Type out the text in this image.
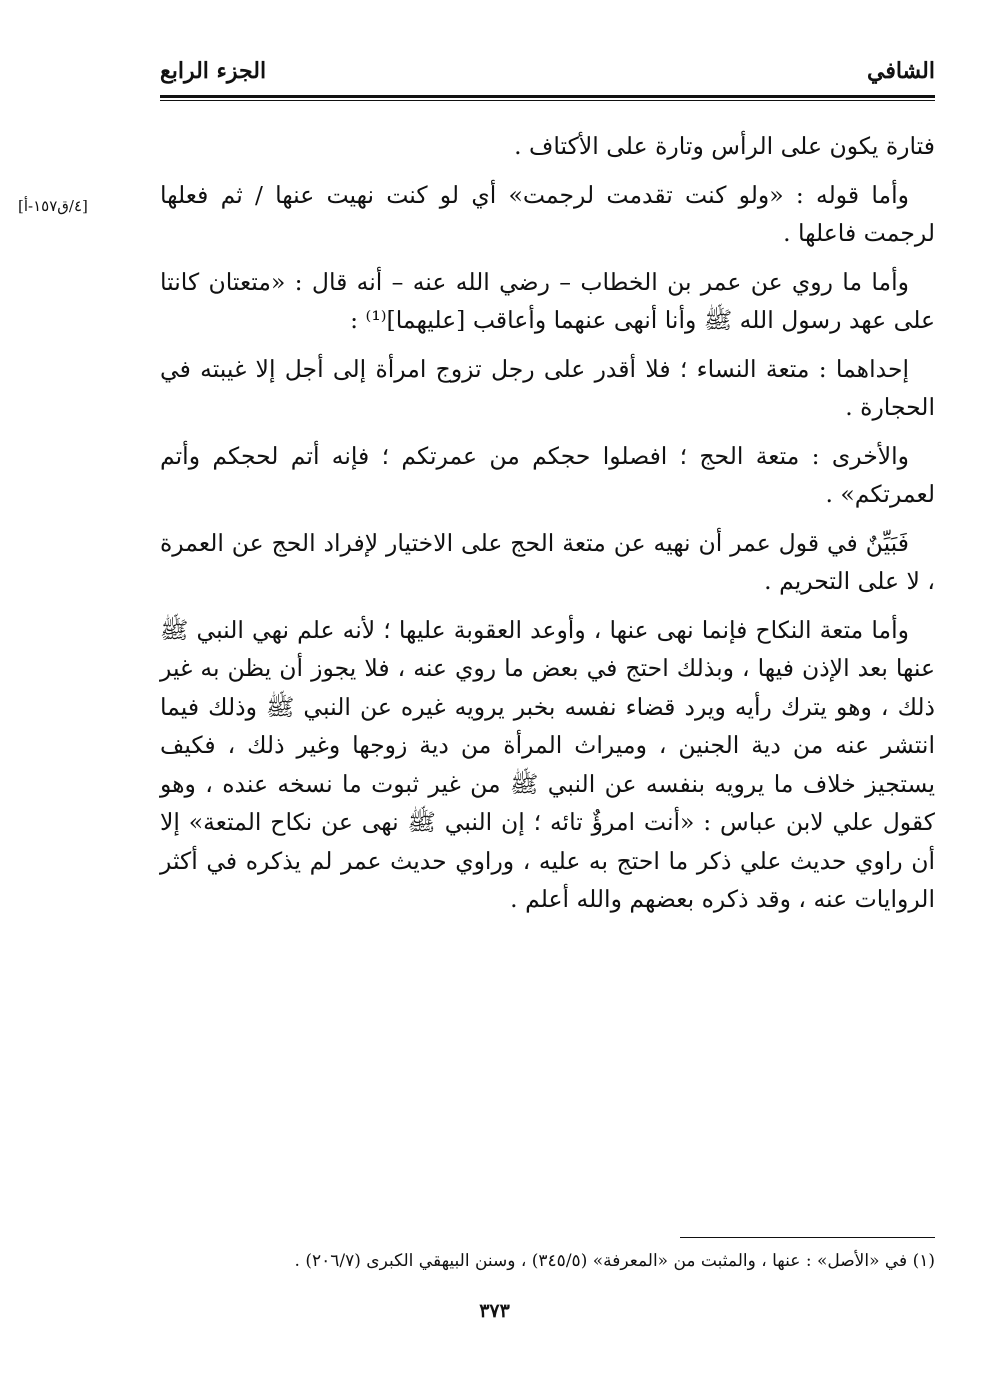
الشافي
الجزء الرابع
[٤/ق١٥٧-أ]

فتارة يكون على الرأس وتارة على الأكتاف .

وأما قوله : «ولو كنت تقدمت لرجمت» أي لو كنت نهيت عنها / ثم فعلها لرجمت فاعلها .

وأما ما روي عن عمر بن الخطاب – رضي الله عنه – أنه قال : «متعتان كانتا على عهد رسول الله ﷺ وأنا أنهى عنهما وأعاقب [عليهما]⁽¹⁾ :

إحداهما : متعة النساء ؛ فلا أقدر على رجل تزوج امرأة إلى أجل إلا غيبته في الحجارة .

والأخرى : متعة الحج ؛ افصلوا حجكم من عمرتكم ؛ فإنه أتم لحجكم وأتم لعمرتكم» .

فَبَيِّنٌ في قول عمر أن نهيه عن متعة الحج على الاختيار لإفراد الحج عن العمرة ، لا على التحريم .

وأما متعة النكاح فإنما نهى عنها ، وأوعد العقوبة عليها ؛ لأنه علم نهي النبي ﷺ عنها بعد الإذن فيها ، وبذلك احتج في بعض ما روي عنه ، فلا يجوز أن يظن به غير ذلك ، وهو يترك رأيه ويرد قضاء نفسه بخبر يرويه غيره عن النبي ﷺ وذلك فيما انتشر عنه من دية الجنين ، وميراث المرأة من دية زوجها وغير ذلك ، فكيف يستجيز خلاف ما يرويه بنفسه عن النبي ﷺ من غير ثبوت ما نسخه عنده ، وهو كقول علي لابن عباس : «أنت امرؤٌ تائه ؛ إن النبي ﷺ نهى عن نكاح المتعة» إلا أن راوي حديث علي ذكر ما احتج به عليه ، وراوي حديث عمر لم يذكره في أكثر الروايات عنه ، وقد ذكره بعضهم والله أعلم .

(١) في «الأصل» : عنها ، والمثبت من «المعرفة» (٣٤٥/٥) ، وسنن البيهقي الكبرى (٢٠٦/٧) .
٣٧٣
